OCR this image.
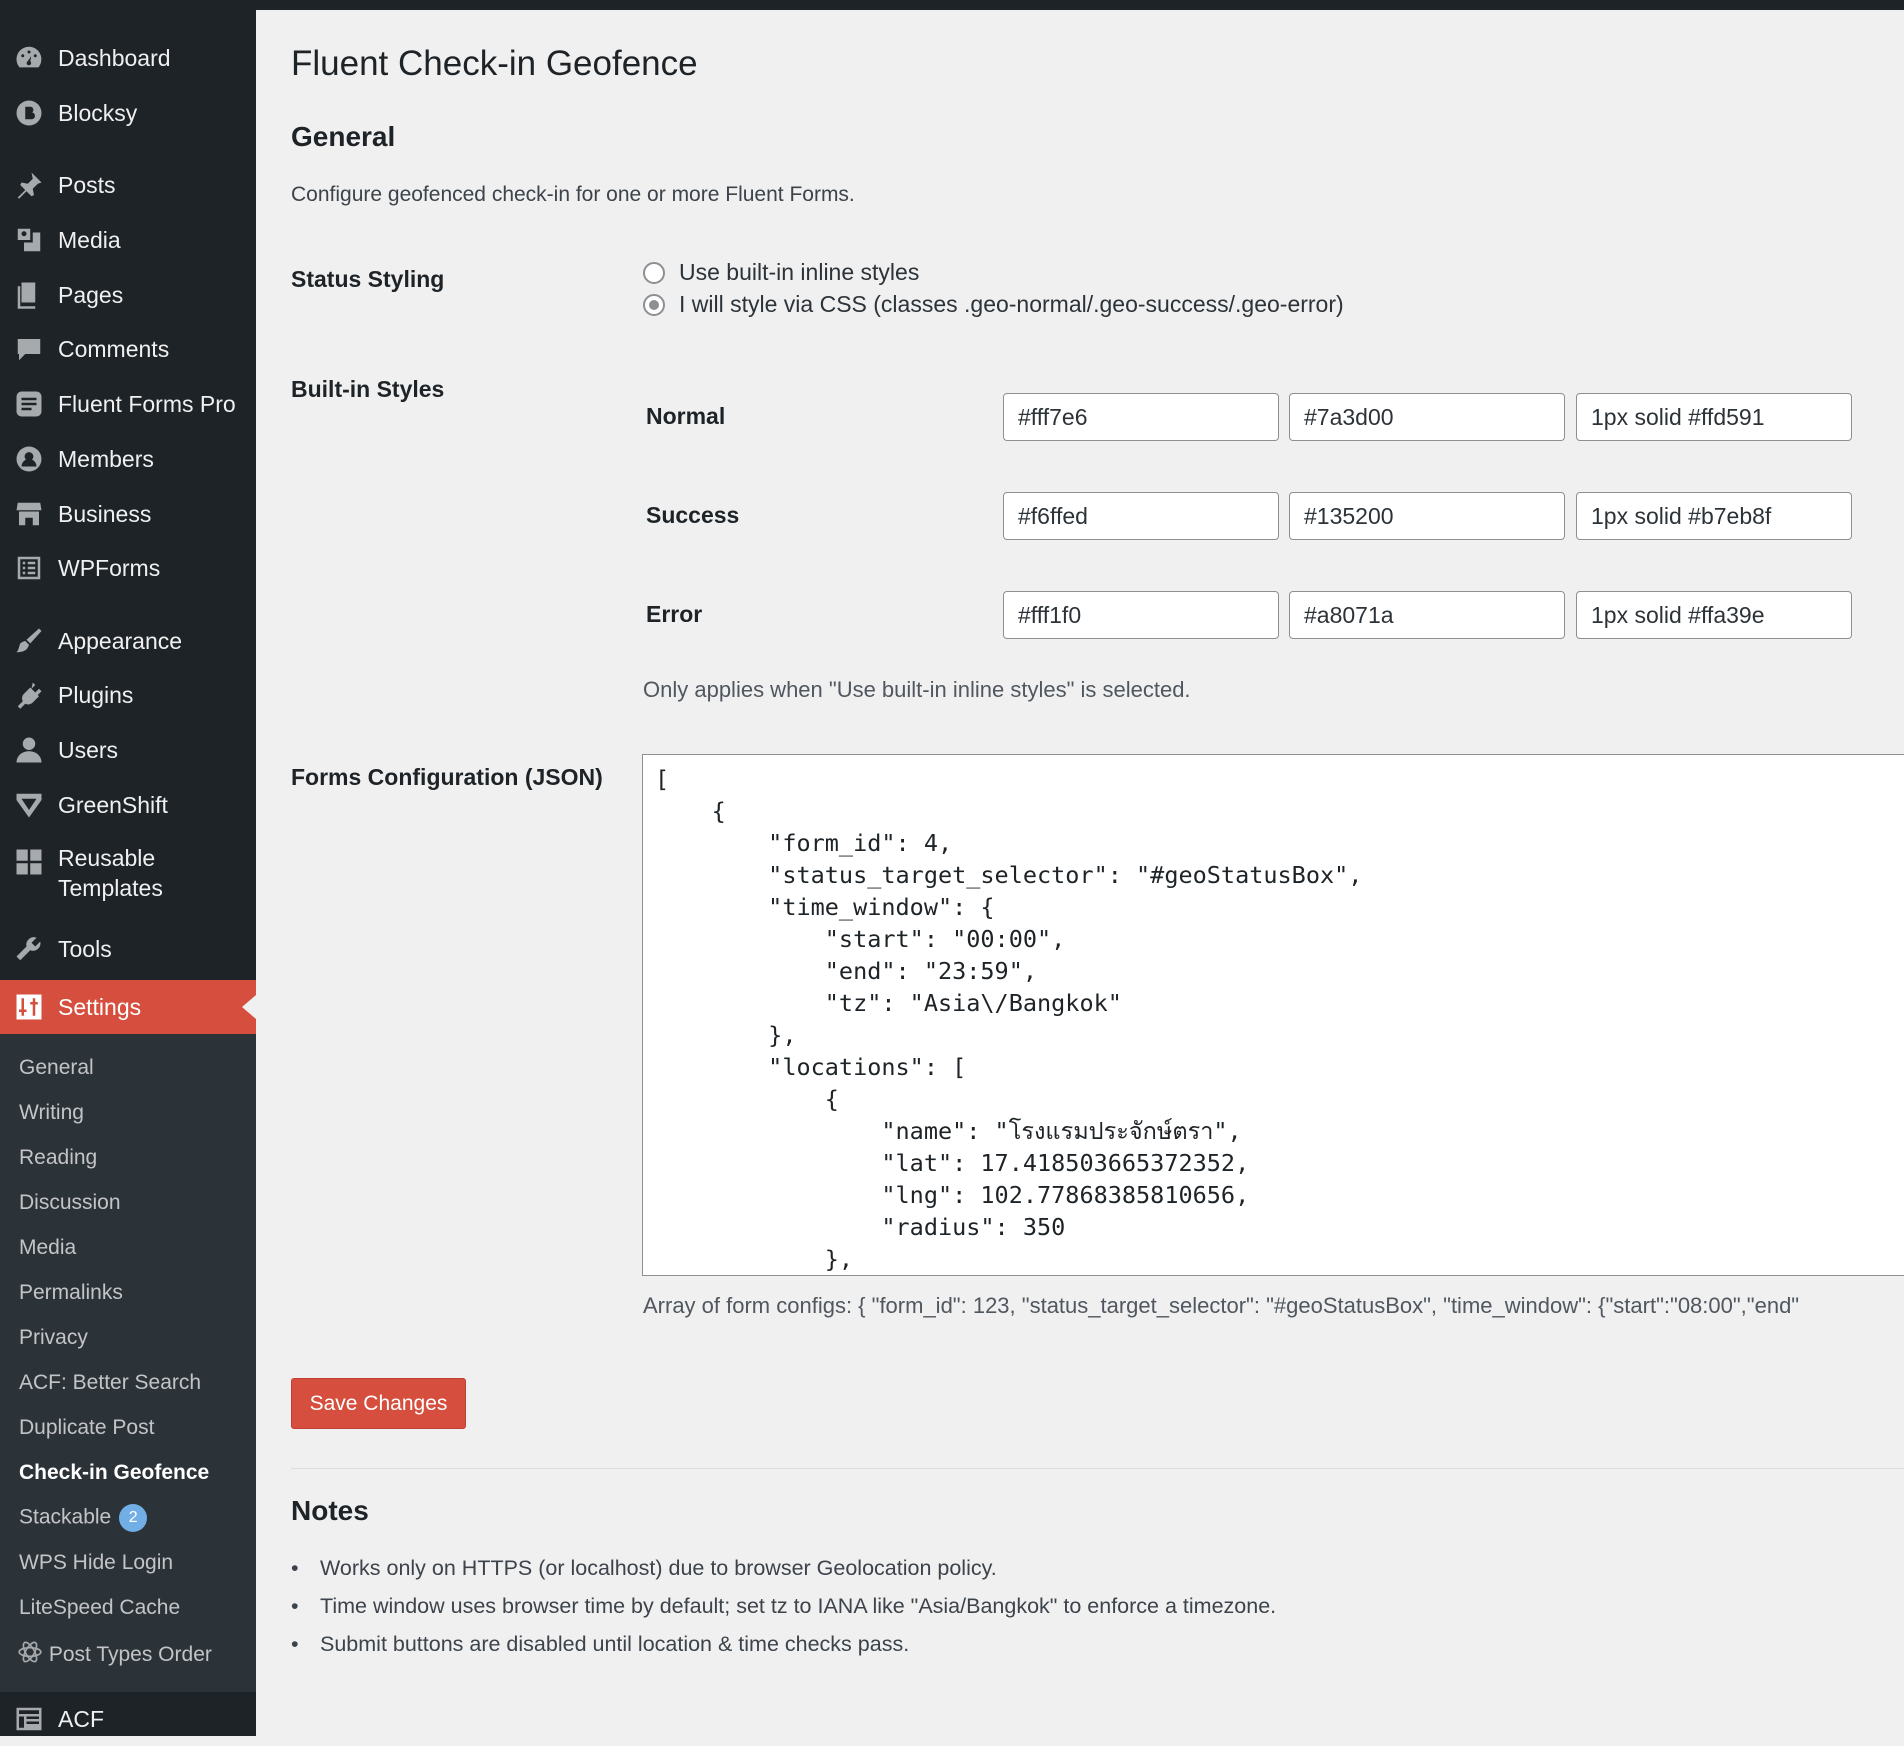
Dashboard
Blocksy
Posts
Media
Pages
Comments
Fluent Forms Pro
Members
Business
WPForms
Appearance
Plugins
Users
GreenShift
Reusable Templates
Tools
Settings
General
Writing
Reading
Discussion
Media
Permalinks
Privacy
ACF: Better Search
Duplicate Post
Check-in Geofence
Stackable 2
WPS Hide Login
LiteSpeed Cache
Post Types Order
ACF
Fluent Check-in Geofence
General
Configure geofenced check-in for one or more Fluent Forms.
Status Styling	Use built-in inline styles
I will style via CSS (classes .geo-normal/.geo-success/.geo-error)
Built-in Styles
Normal	#fff7e6	#7a3d00	1px solid #ffd591
Success	#f6ffed	#135200	1px solid #b7eb8f
Error	#fff1f0	#a8071a	1px solid #ffa39e
Only applies when "Use built-in inline styles" is selected.
Forms Configuration (JSON)	[
{
"form_id": 4,
"status_target_selector": "#geoStatusBox",
"time_window": {
"start": "00:00",
"end": "23:59",
"tz": "Asia\/Bangkok"
},
"locations": [
{
"name": "โรงแรมประจักษ์ตรา",
"lat": 17.418503665372352,
"lng": 102.77868385810656,
"radius": 350
},
Array of form configs: { "form_id": 123, "status_target_selector": "#geoStatusBox", "time_window": {"start":"08:00","end"
Save Changes
Notes
• Works only on HTTPS (or localhost) due to browser Geolocation policy.
• Time window uses browser time by default; set tz to IANA like "Asia/Bangkok" to enforce a timezone.
• Submit buttons are disabled until location & time checks pass.
